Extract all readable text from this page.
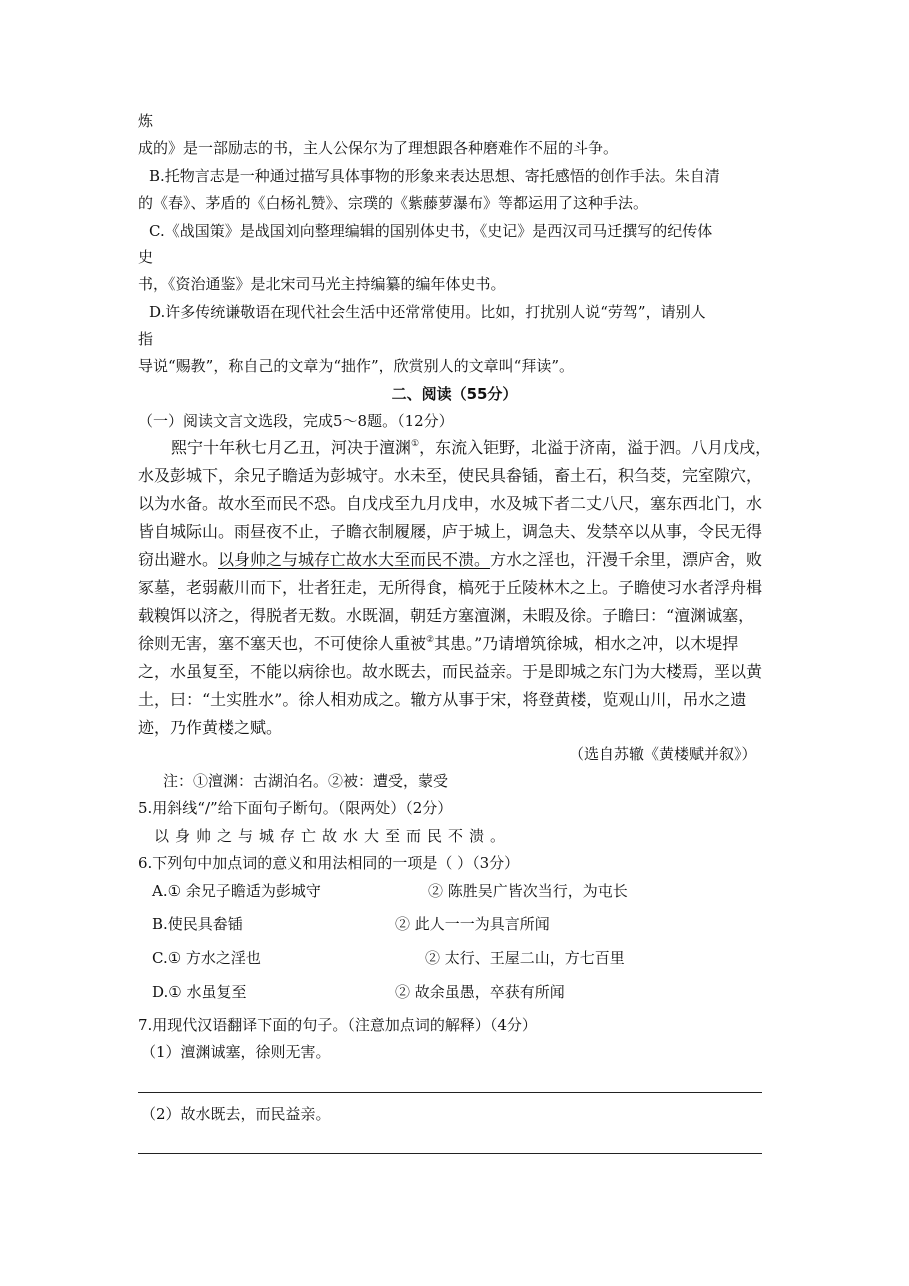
炼
成的》是一部励志的书，主人公保尔为了理想跟各种磨难作不屈的斗争。
B.托物言志是一种通过描写具体事物的形象来表达思想、寄托感悟的创作手法。朱自清
的《春》、茅盾的《白杨礼赞》、宗璞的《紫藤萝瀑布》等都运用了这种手法。
C.《战国策》是战国刘向整理编辑的国别体史书，《史记》是西汉司马迁撰写的纪传体
史
书，《资治通鉴》是北宋司马光主持编纂的编年体史书。
D.许多传统谦敬语在现代社会生活中还常常使用。比如，打扰别人说“劳驾”，请别人
指
导说“赐教”，称自己的文章为“拙作”，欣赏别人的文章叫“拜读”。
二、阅读（55分）
（一）阅读文言文选段，完成5～8题。（12分）
熙宁十年秋七月乙丑，河决于澶渊①，东流入钜野，北溢于济南，溢于泗。八月戊戌，
水及彭城下，余兄子瞻适为彭城守。水未至，使民具畚锸，畜土石，积刍茭，完室隙穴，
以为水备。故水至而民不恐。自戊戌至九月戊申，水及城下者二丈八尺，塞东西北门，水
皆自城际山。雨昼夜不止，子瞻衣制履屦，庐于城上，调急夫、发禁卒以从事，令民无得
窃出避水。以身帅之与城存亡故水大至而民不溃。方水之淫也，汗漫千余里，漂庐舍，败
冢墓，老弱蔽川而下，壮者狂走，无所得食，槁死于丘陵林木之上。子瞻使习水者浮舟楫
载糗饵以济之，得脱者无数。水既涸，朝廷方塞澶渊，未暇及徐。子瞻曰：“澶渊诚塞，
徐则无害，塞不塞天也，不可使徐人重被②其患。”乃请增筑徐城，相水之冲，以木堤捍
之，水虽复至，不能以病徐也。故水既去，而民益亲。于是即城之东门为大楼焉，垩以黄
土，曰：“土实胜水”。徐人相劝成之。辙方从事于宋，将登黄楼，览观山川，吊水之遗
迹，乃作黄楼之赋。
（选自苏辙《黄楼赋并叙》）
注：①澶渊：古湖泊名。②被：遭受，蒙受
5.用斜线“/”给下面句子断句。（限两处）（2分）
以身帅之与城存亡故水大至而民不溃。
6.下列句中加点词的意义和用法相同的一项是（ ）（3分）
A.① 余兄子瞻适为彭城守	② 陈胜吴广皆次当行，为屯长
B.使民具畚锸	② 此人一一为具言所闻
C.① 方水之淫也	② 太行、王屋二山，方七百里
D.① 水虽复至	② 故余虽愚，卒获有所闻
7.用现代汉语翻译下面的句子。（注意加点词的解释）（4分）
（1）澶渊诚塞，徐则无害。
（2）故水既去，而民益亲。
